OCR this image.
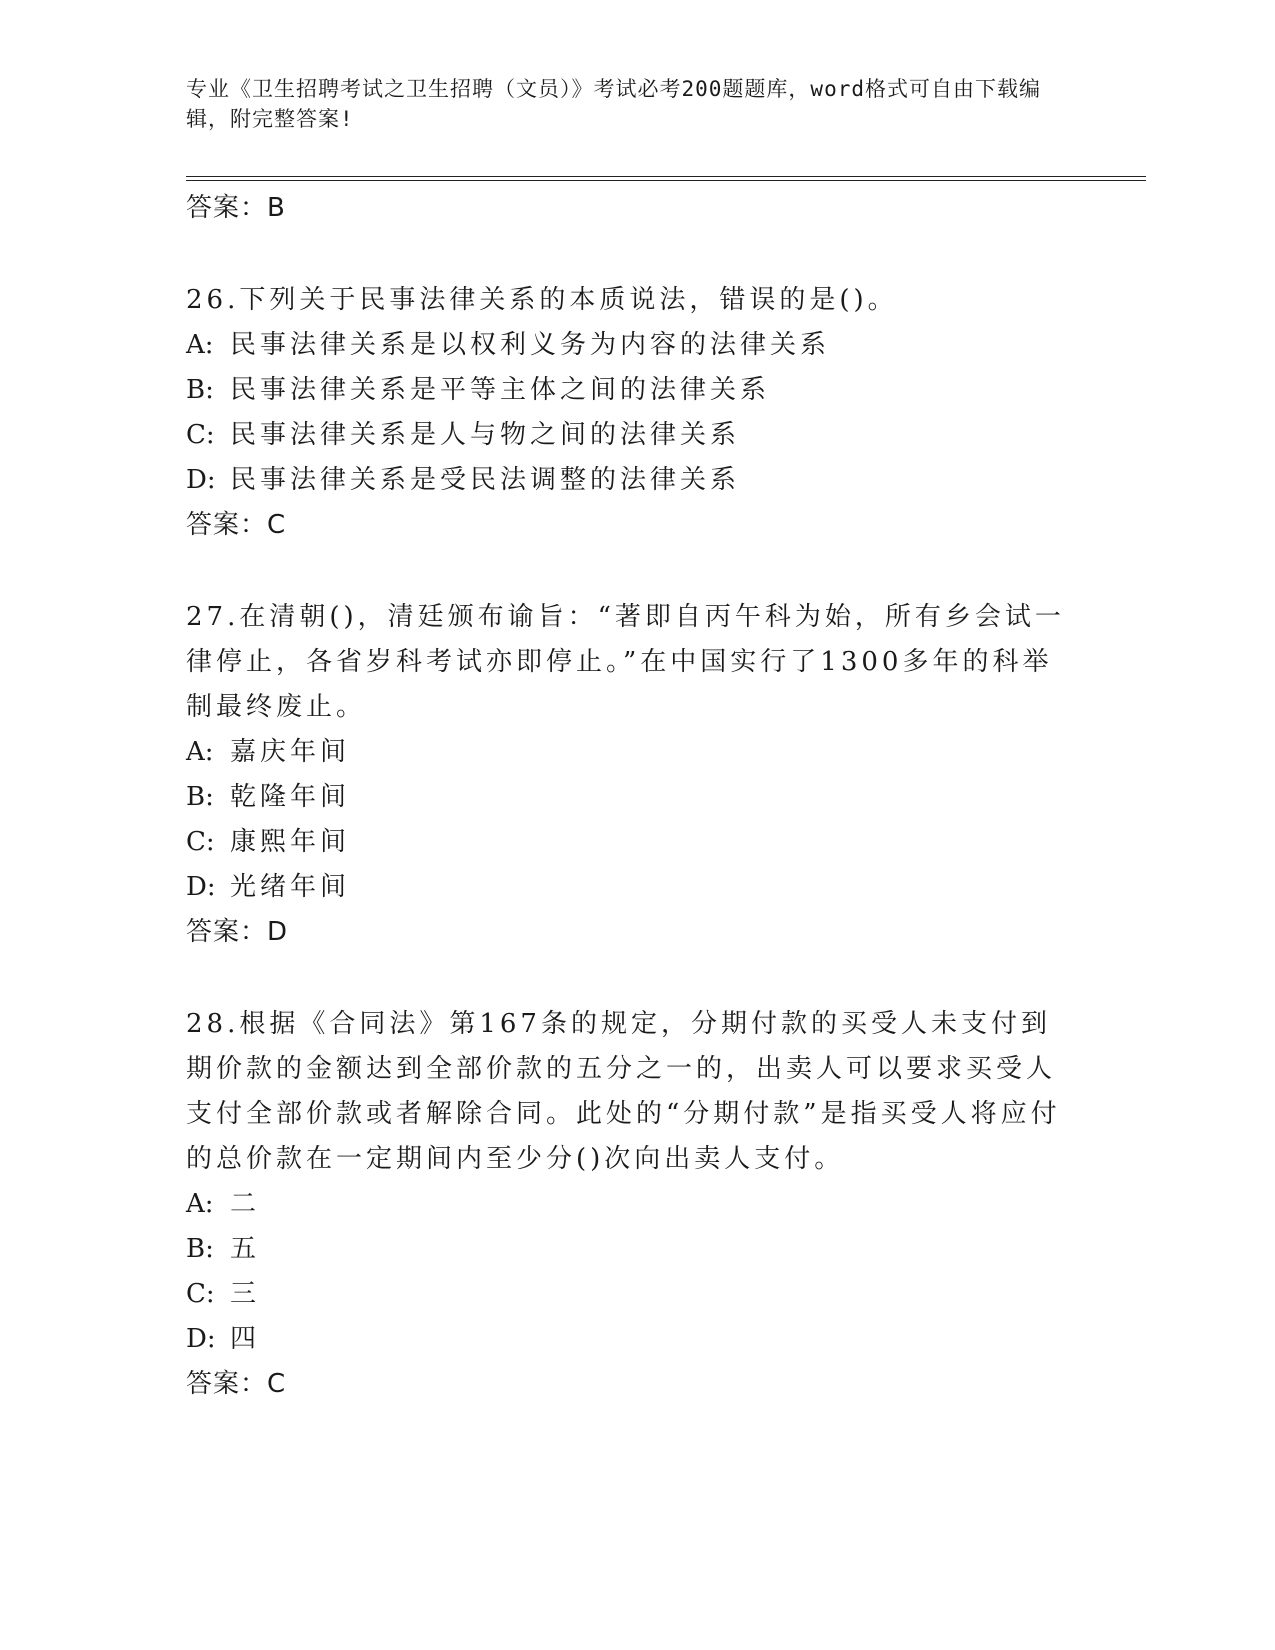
专业《卫生招聘考试之卫生招聘（文员）》考试必考200题题库，word格式可自由下载编辑，附完整答案!
答案：B

26.下列关于民事法律关系的本质说法，错误的是()。

A: 民事法律关系是以权利义务为内容的法律关系
B: 民事法律关系是平等主体之间的法律关系
C: 民事法律关系是人与物之间的法律关系
D: 民事法律关系是受民法调整的法律关系
答案：C

27.在清朝()，清廷颁布谕旨：“著即自丙午科为始，所有乡会试一律停止，各省岁科考试亦即停止。”在中国实行了1300多年的科举制最终废止。

A: 嘉庆年间
B: 乾隆年间
C: 康熙年间
D: 光绪年间
答案：D

28.根据《合同法》第167条的规定，分期付款的买受人未支付到期价款的金额达到全部价款的五分之一的，出卖人可以要求买受人支付全部价款或者解除合同。此处的“分期付款”是指买受人将应付的总价款在一定期间内至少分()次向出卖人支付。

A: 二
B: 五
C: 三
D: 四
答案：C
